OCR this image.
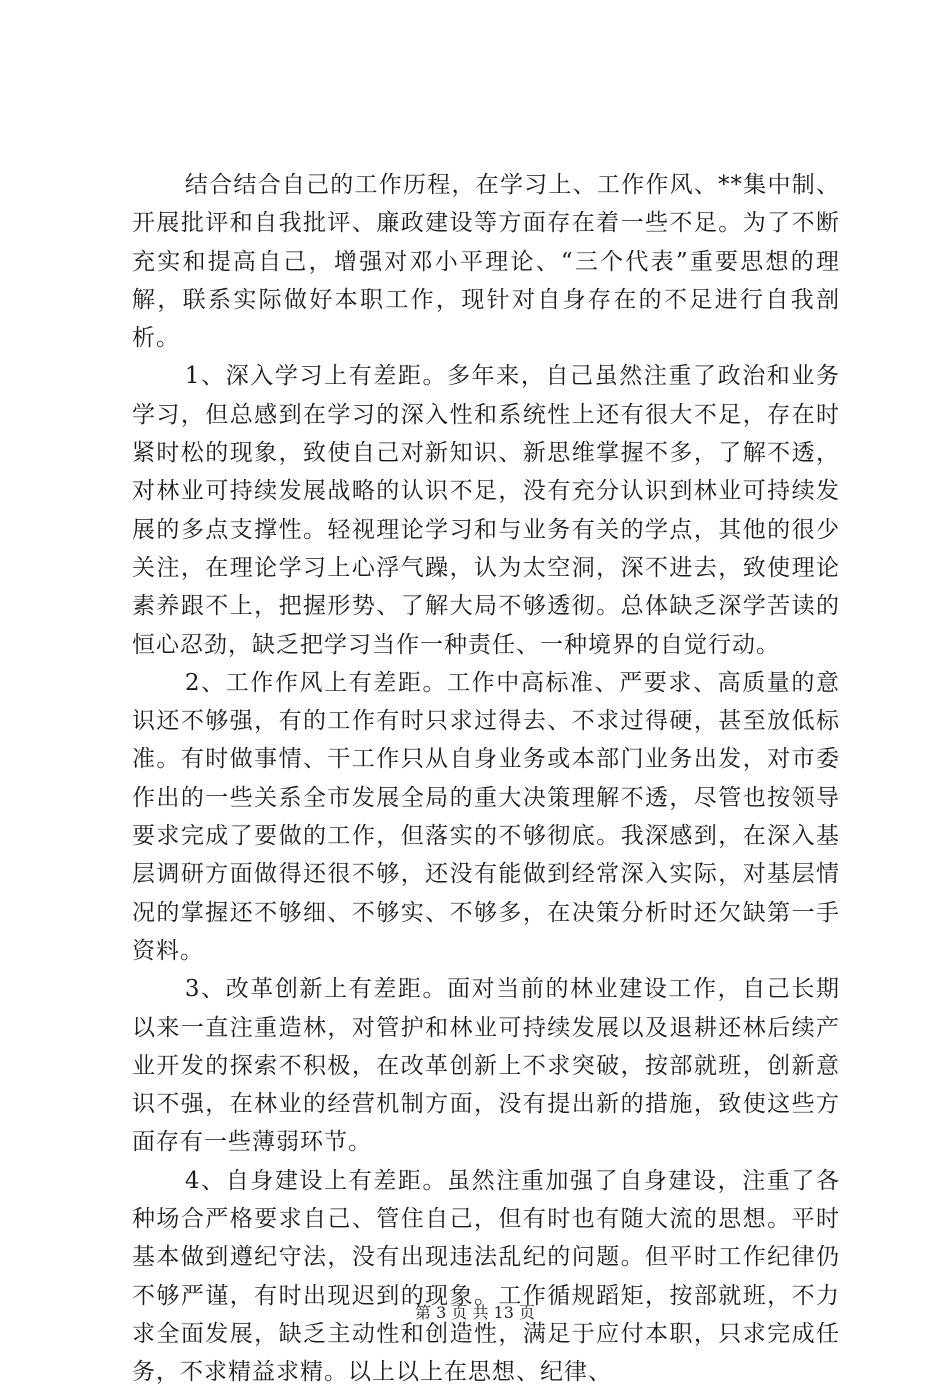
结合结合自己的工作历程，在学习上、工作作风、**集中制、开展批评和自我批评、廉政建设等方面存在着一些不足。为了不断充实和提高自己，增强对邓小平理论、“三个代表”重要思想的理解，联系实际做好本职工作，现针对自身存在的不足进行自我剖析。

1、深入学习上有差距。多年来，自己虽然注重了政治和业务学习，但总感到在学习的深入性和系统性上还有很大不足，存在时紧时松的现象，致使自己对新知识、新思维掌握不多，了解不透，对林业可持续发展战略的认识不足，没有充分认识到林业可持续发展的多点支撑性。轻视理论学习和与业务有关的学点，其他的很少关注，在理论学习上心浮气躁，认为太空洞，深不进去，致使理论素养跟不上，把握形势、了解大局不够透彻。总体缺乏深学苦读的恒心忍劲，缺乏把学习当作一种责任、一种境界的自觉行动。

2、工作作风上有差距。工作中高标准、严要求、高质量的意识还不够强，有的工作有时只求过得去、不求过得硬，甚至放低标准。有时做事情、干工作只从自身业务或本部门业务出发，对市委作出的一些关系全市发展全局的重大决策理解不透，尽管也按领导要求完成了要做的工作，但落实的不够彻底。我深感到，在深入基层调研方面做得还很不够，还没有能做到经常深入实际，对基层情况的掌握还不够细、不够实、不够多，在决策分析时还欠缺第一手资料。

3、改革创新上有差距。面对当前的林业建设工作，自己长期以来一直注重造林，对管护和林业可持续发展以及退耕还林后续产业开发的探索不积极，在改革创新上不求突破，按部就班，创新意识不强，在林业的经营机制方面，没有提出新的措施，致使这些方面存有一些薄弱环节。

4、自身建设上有差距。虽然注重加强了自身建设，注重了各种场合严格要求自己、管住自己，但有时也有随大流的思想。平时基本做到遵纪守法，没有出现违法乱纪的问题。但平时工作纪律仍不够严谨，有时出现迟到的现象。工作循规蹈矩，按部就班，不力求全面发展，缺乏主动性和创造性，满足于应付本职，只求完成任务，不求精益求精。以上以上在思想、纪律、

第 3 页 共 13 页
